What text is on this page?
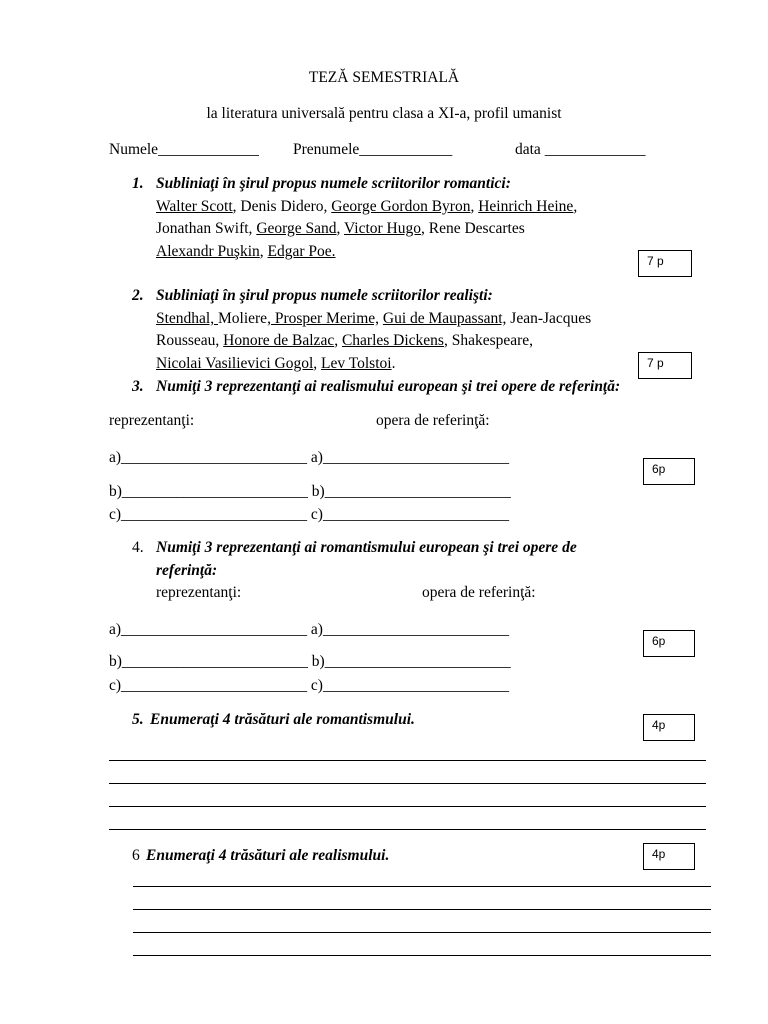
TEZĂ SEMESTRIALĂ
la literatura universală pentru clasa a XI-a, profil umanist
Numele_____________ Prenumele____________	data _____________
1. Subliniaţi în şirul propus numele scriitorilor romantici:
Walter Scott, Denis Didero, George Gordon Byron, Heinrich Heine,
Jonathan Swift, George Sand, Victor Hugo, Rene Descartes
Alexandr Puşkin, Edgar Poe.
7 p
2. Subliniaţi în şirul propus numele scriitorilor realişti:
Stendhal, Moliere, Prosper Merime, Gui de Maupassant, Jean-Jacques
Rousseau, Honore de Balzac, Charles Dickens, Shakespeare,
Nicolai Vasilievici Gogol, Lev Tolstoi.	7 p
3. Numiţi 3 reprezentanţi ai realismului european şi trei opere de referinţă:
reprezentanţi:	opera de referinţă:
a)________________________ a)________________________
b)________________________ b)________________________
c)________________________ c)________________________
6p
4. Numiţi 3 reprezentanţi ai romantismului european şi trei opere de
referinţă:
reprezentanţi:	opera de referinţă:
a)________________________ a)________________________
b)________________________ b)________________________
c)________________________ c)________________________
6p
5. Enumeraţi 4 trăsături ale romantismului.	4p
6 Enumeraţi 4 trăsături ale realismului.	4p
